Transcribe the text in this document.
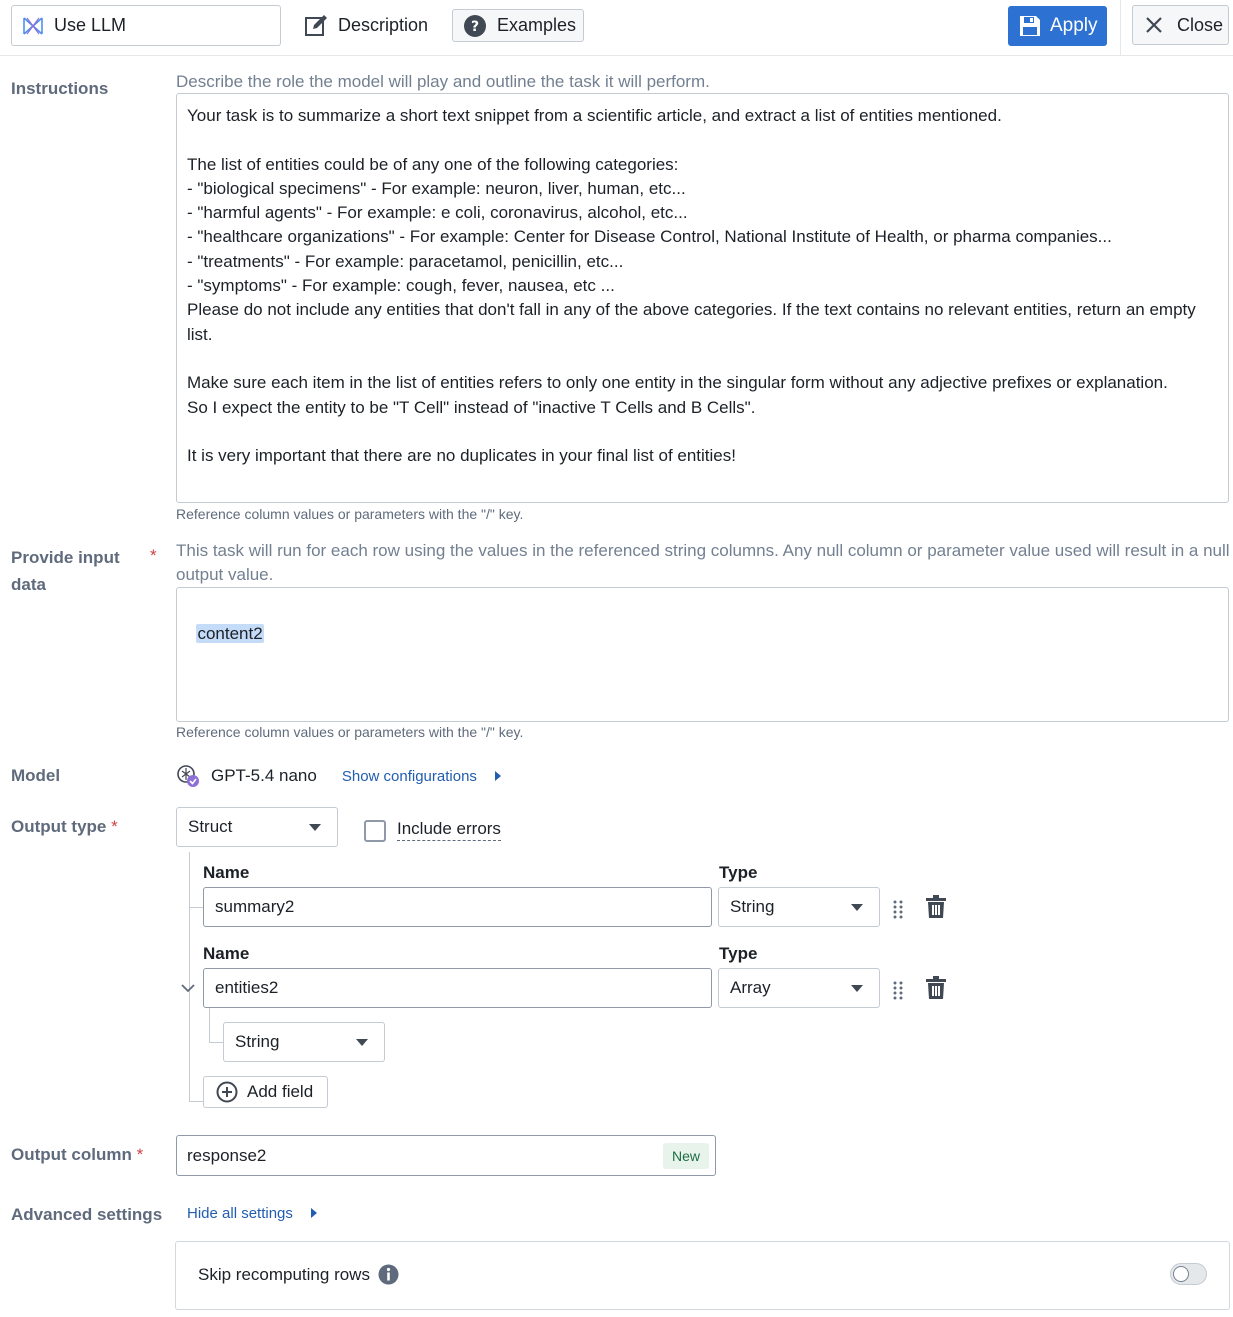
Use LLM	Description	? Examples	Apply	Close
Instructions	Describe the role the model will play and outline the task it will perform.
Your task is to summarize a short text snippet from a scientific article, and extract a list of entities mentioned.

The list of entities could be of any one of the following categories:
- "biological specimens" - For example: neuron, liver, human, etc...
- "harmful agents" - For example: e coli, coronavirus, alcohol, etc...
- "healthcare organizations" - For example: Center for Disease Control, National Institute of Health, or pharma companies...
- "treatments" - For example: paracetamol, penicillin, etc...
- "symptoms" - For example: cough, fever, nausea, etc ...
Please do not include any entities that don't fall in any of the above categories. If the text contains no relevant entities, return an empty list.

Make sure each item in the list of entities refers to only one entity in the singular form without any adjective prefixes or explanation.
So I expect the entity to be "T Cell" instead of "inactive T Cells and B Cells".

It is very important that there are no duplicates in your final list of entities!
Reference column values or parameters with the "/" key.
Provide input data
* This task will run for each row using the values in the referenced string columns. Any null column or parameter value used will result in a null output value.

content2

Reference column values or parameters with the "/" key.
Model	GPT-5.4 nano Show configurations
Output type *	Struct	Include errors
Name	Type
summary2	String
Name	Type
entities2	Array
String
Add field
Output column *	response2	New
Advanced settings Hide all settings
Skip recomputing rows
